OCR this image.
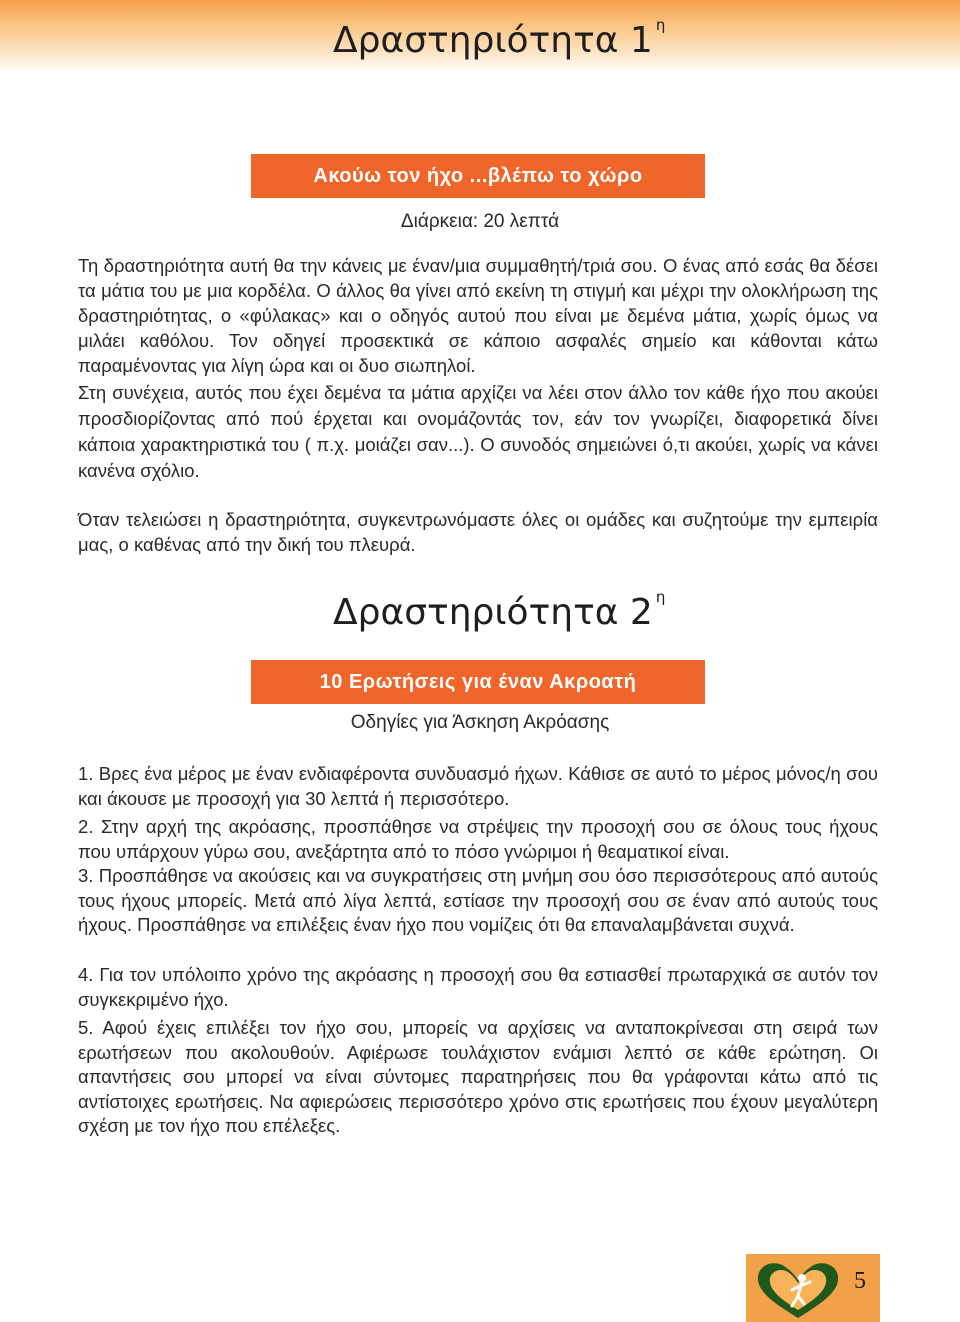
Δραστηριότητα 1 $^\eta$
Ακούω τον ήχο ...βλέπω το χώρο
Διάρκεια: 20 λεπτά

Τη δραστηριότητα αυτή θα την κάνεις με έναν/μια συμμαθητή/τριά σου. Ο ένας από εσάς θα δέσει τα μάτια του με μια κορδέλα. Ο άλλος θα γίνει από εκείνη τη στιγμή και μέχρι την ολοκλήρωση της δραστηριότητας, ο «φύλακας» και ο οδηγός αυτού που είναι με δεμένα μάτια, χωρίς όμως να μιλάει καθόλου. Τον οδηγεί προσεκτικά σε κάποιο ασφαλές σημείο και κάθονται κάτω παραμένοντας για λίγη ώρα και οι δυο σιωπηλοί.

Στη συνέχεια, αυτός που έχει δεμένα τα μάτια αρχίζει να λέει στον άλλο τον κάθε ήχο που ακούει προσδιορίζοντας από πού έρχεται και ονομάζοντάς τον, εάν τον γνωρίζει, διαφορετικά δίνει κάποια χαρακτηριστικά του ( π.χ. μοιάζει σαν...). Ο συνοδός σημειώνει ό,τι ακούει, χωρίς να κάνει κανένα σχόλιο.

Όταν τελειώσει η δραστηριότητα, συγκεντρωνόμαστε όλες οι ομάδες και συζητούμε την εμπειρία μας, ο καθένας από την δική του πλευρά.

Δραστηριότητα 2 $^\eta$
10 Ερωτήσεις για έναν Ακροατή
Οδηγίες για Άσκηση Ακρόασης

1. Βρες ένα μέρος με έναν ενδιαφέροντα συνδυασμό ήχων. Κάθισε σε αυτό το μέρος μόνος/η σου και άκουσε με προσοχή για 30 λεπτά ή περισσότερο.

2. Στην αρχή της ακρόασης, προσπάθησε να στρέψεις την προσοχή σου σε όλους τους ήχους που υπάρχουν γύρω σου, ανεξάρτητα από το πόσο γνώριμοι ή θεαματικοί είναι.

3. Προσπάθησε να ακούσεις και να συγκρατήσεις στη μνήμη σου όσο περισσότερους από αυτούς τους ήχους μπορείς. Μετά από λίγα λεπτά, εστίασε την προσοχή σου σε έναν από αυτούς τους ήχους. Προσπάθησε να επιλέξεις έναν ήχο που νομίζεις ότι θα επαναλαμβάνεται συχνά.

4. Για τον υπόλοιπο χρόνο της ακρόασης η προσοχή σου θα εστιασθεί πρωταρχικά σε αυτόν τον συγκεκριμένο ήχο.

5. Αφού έχεις επιλέξει τον ήχο σου, μπορείς να αρχίσεις να ανταποκρίνεσαι στη σειρά των ερωτήσεων που ακολουθούν. Αφιέρωσε τουλάχιστον ενάμισι λεπτό σε κάθε ερώτηση. Οι απαντήσεις σου μπορεί να είναι σύντομες παρατηρήσεις που θα γράφονται κάτω από τις αντίστοιχες ερωτήσεις. Να αφιερώσεις περισσότερο χρόνο στις ερωτήσεις που έχουν μεγαλύτερη σχέση με τον ήχο που επέλεξες.

5
